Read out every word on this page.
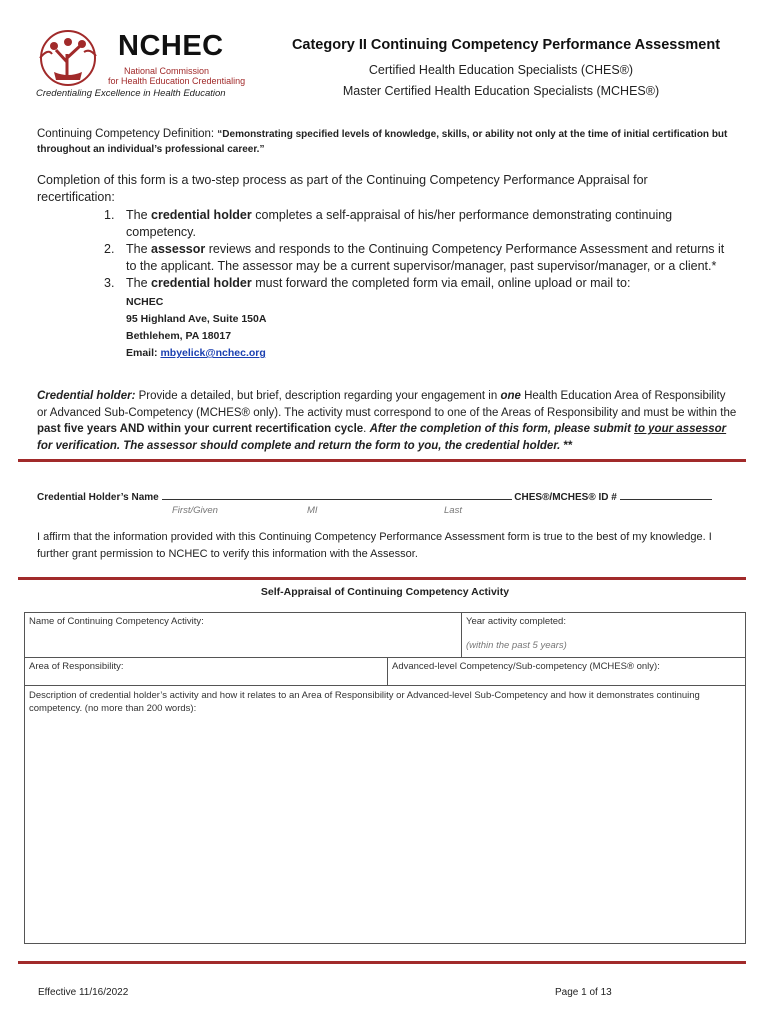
NCHEC
National Commission
for Health Education Credentialing
Credentialing Excellence in Health Education
Category II Continuing Competency Performance Assessment
Certified Health Education Specialists (CHES®)
Master Certified Health Education Specialists (MCHES®)
Continuing Competency Definition: “Demonstrating specified levels of knowledge, skills, or ability not only at the time of initial certification but throughout an individual’s professional career.”
Completion of this form is a two-step process as part of the Continuing Competency Performance Appraisal for recertification:
1. The credential holder completes a self-appraisal of his/her performance demonstrating continuing competency.
2. The assessor reviews and responds to the Continuing Competency Performance Assessment and returns it to the applicant. The assessor may be a current supervisor/manager, past supervisor/manager, or a client.*
3. The credential holder must forward the completed form via email, online upload or mail to:
NCHEC
95 Highland Ave, Suite 150A
Bethlehem, PA 18017
Email: mbyelick@nchec.org
Credential holder: Provide a detailed, but brief, description regarding your engagement in one Health Education Area of Responsibility or Advanced Sub-Competency (MCHES® only). The activity must correspond to one of the Areas of Responsibility and must be within the past five years AND within your current recertification cycle. After the completion of this form, please submit to your assessor for verification. The assessor should complete and return the form to you, the credential holder. **
Credential Holder’s Name	CHES®/MCHES® ID #
First/Given	MI	Last
I affirm that the information provided with this Continuing Competency Performance Assessment form is true to the best of my knowledge. I further grant permission to NCHEC to verify this information with the Assessor.
Self-Appraisal of Continuing Competency Activity
Name of Continuing Competency Activity:	Year activity completed:
(within the past 5 years)
Area of Responsibility:	Advanced-level Competency/Sub-competency (MCHES® only):
Description of credential holder’s activity and how it relates to an Area of Responsibility or Advanced-level Sub-Competency and how it demonstrates continuing competency. (no more than 200 words):
Effective 11/16/2022	Page 1 of 13
